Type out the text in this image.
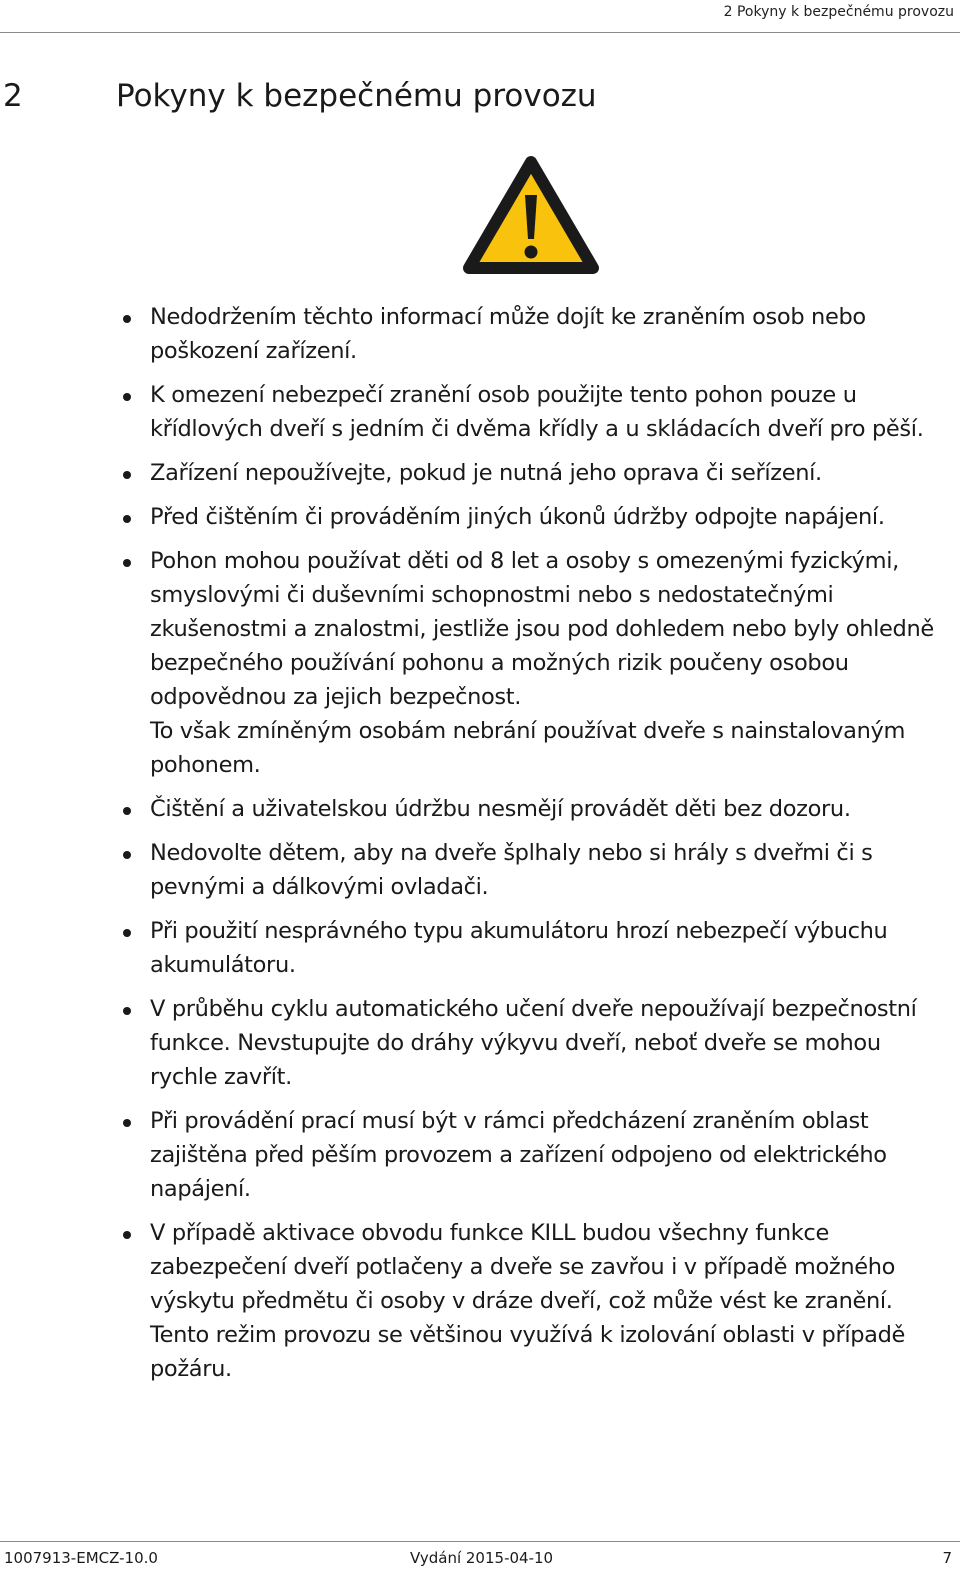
2 Pokyny k bezpečnému provozu
2	Pokyny k bezpečnému provozu
Nedodržením těchto informací může dojít ke zraněním osob nebo poškození zařízení.
K omezení nebezpečí zranění osob použijte tento pohon pouze u křídlových dveří s jedním či dvěma křídly a u skládacích dveří pro pěší.
Zařízení nepoužívejte, pokud je nutná jeho oprava či seřízení.
Před čištěním či prováděním jiných úkonů údržby odpojte napájení.
Pohon mohou používat děti od 8 let a osoby s omezenými fyzickými, smyslovými či duševními schopnostmi nebo s nedostatečnými zkušenostmi a znalostmi, jestliže jsou pod dohledem nebo byly ohledně bezpečného používání pohonu a možných rizik poučeny osobou odpovědnou za jejich bezpečnost.
To však zmíněným osobám nebrání používat dveře s nainstalovaným pohonem.
Čištění a uživatelskou údržbu nesmějí provádět děti bez dozoru.
Nedovolte dětem, aby na dveře šplhaly nebo si hrály s dveřmi či s pevnými a dálkovými ovladači.
Při použití nesprávného typu akumulátoru hrozí nebezpečí výbuchu akumulátoru.
V průběhu cyklu automatického učení dveře nepoužívají bezpečnostní funkce. Nevstupujte do dráhy výkyvu dveří, neboť dveře se mohou rychle zavřít.
Při provádění prací musí být v rámci předcházení zraněním oblast zajištěna před pěším provozem a zařízení odpojeno od elektrického napájení.
V případě aktivace obvodu funkce KILL budou všechny funkce zabezpečení dveří potlačeny a dveře se zavřou i v případě možného výskytu předmětu či osoby v dráze dveří, což může vést ke zranění. Tento režim provozu se většinou využívá k izolování oblasti v případě požáru.
1007913-EMCZ-10.0	Vydání 2015-04-10	7
